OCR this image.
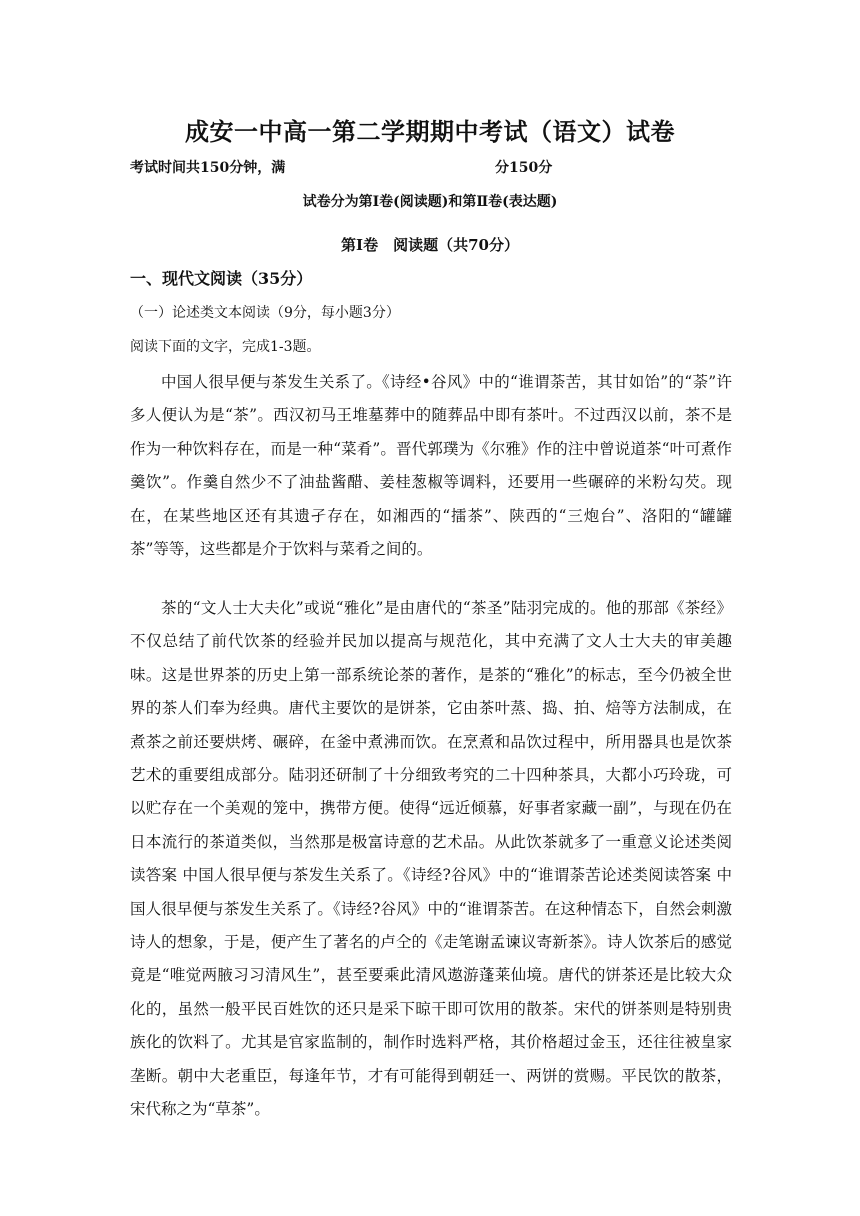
成安一中高一第二学期期中考试（语文）试卷
考试时间共150分钟，满	分150分
试卷分为第Ⅰ卷(阅读题)和第Ⅱ卷(表达题)
第Ⅰ卷　阅读题（共70分）
一、现代文阅读（35分）
（一）论述类文本阅读（9分，每小题3分）
阅读下面的文字，完成1-3题。

中国人很早便与茶发生关系了。《诗经•谷风》中的“谁谓荼苦，其甘如饴”的“荼”许多人便认为是“茶”。西汉初马王堆墓葬中的随葬品中即有茶叶。不过西汉以前，茶不是作为一种饮料存在，而是一种“菜肴”。晋代郭璞为《尔雅》作的注中曾说道茶“叶可煮作羹饮”。作羹自然少不了油盐酱醋、姜桂葱椒等调料，还要用一些碾碎的米粉勾芡。现在，在某些地区还有其遗孑存在，如湘西的“擂茶”、陕西的“三炮台”、洛阳的“罐罐茶”等等，这些都是介于饮料与菜肴之间的。

茶的“文人士大夫化”或说“雅化”是由唐代的“茶圣”陆羽完成的。他的那部《茶经》不仅总结了前代饮茶的经验并民加以提高与规范化，其中充满了文人士大夫的审美趣味。这是世界茶的历史上第一部系统论茶的著作，是茶的“雅化”的标志，至今仍被全世界的茶人们奉为经典。唐代主要饮的是饼茶，它由茶叶蒸、捣、拍、焙等方法制成，在煮茶之前还要烘烤、碾碎，在釜中煮沸而饮。在烹煮和品饮过程中，所用器具也是饮茶艺术的重要组成部分。陆羽还研制了十分细致考究的二十四种茶具，大都小巧玲珑，可以贮存在一个美观的笼中，携带方便。使得“远近倾慕，好事者家藏一副”，与现在仍在日本流行的茶道类似，当然那是极富诗意的艺术品。从此饮茶就多了一重意义论述类阅读答案 中国人很早便与茶发生关系了。《诗经?谷风》中的“谁谓荼苦论述类阅读答案 中国人很早便与茶发生关系了。《诗经?谷风》中的“谁谓荼苦。在这种情态下，自然会刺激诗人的想象，于是，便产生了著名的卢仝的《走笔谢孟谏议寄新茶》。诗人饮茶后的感觉竟是“唯觉两腋习习清风生”，甚至要乘此清风遨游蓬莱仙境。唐代的饼茶还是比较大众化的，虽然一般平民百姓饮的还只是采下晾干即可饮用的散茶。宋代的饼茶则是特别贵族化的饮料了。尤其是官家监制的，制作时选料严格，其价格超过金玉，还往往被皇家垄断。朝中大老重臣，每逢年节，才有可能得到朝廷一、两饼的赏赐。平民饮的散茶，宋代称之为“草茶”。
